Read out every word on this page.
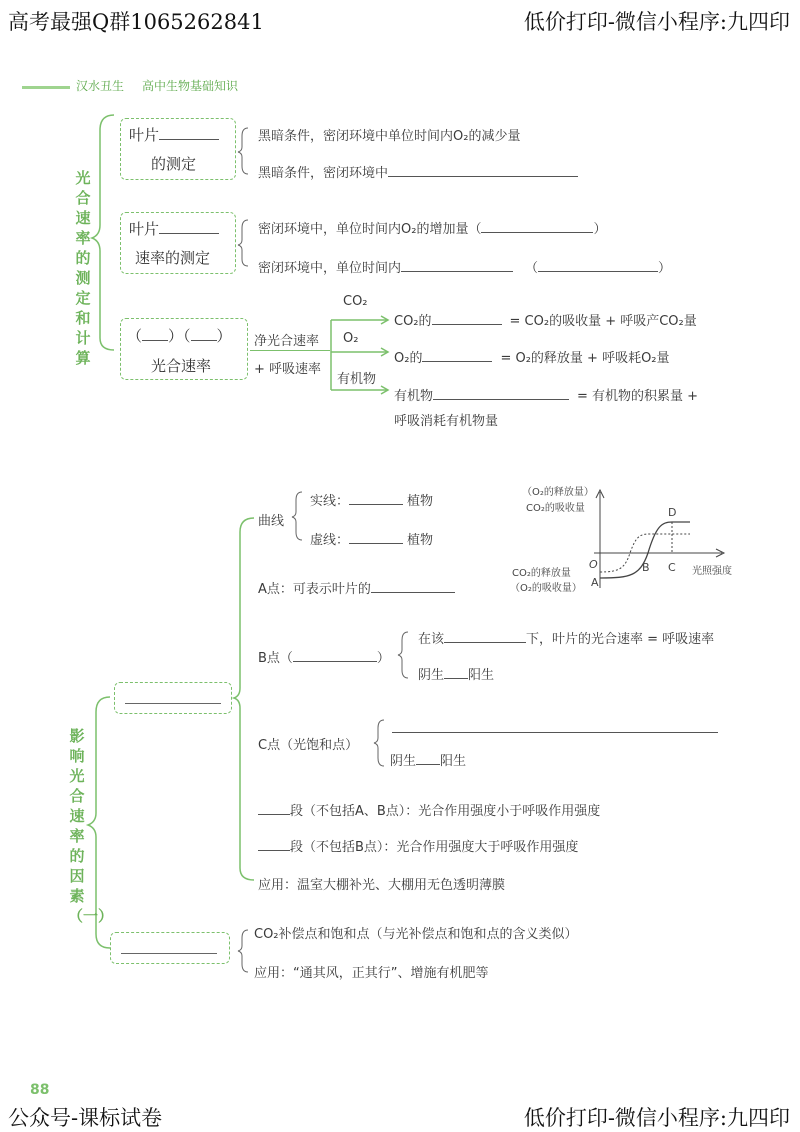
高考最强Q群1065262841	低价打印-微信小程序:九四印
公众号-课标试卷	低价打印-微信小程序:九四印
88
汉水丑生 高中生物基础知识
光合速率的测定和计算
叶片
的测定
黑暗条件，密闭环境中单位时间内O₂的减少量
黑暗条件，密闭环境中
叶片
速率的测定
密闭环境中，单位时间内O₂的增加量（	）
密闭环境中，单位时间内	（	）
（ ）（ ）
光合速率
净光合速率
+ 呼吸速率
CO₂
O₂
有机物
CO₂的	= CO₂的吸收量 + 呼吸产CO₂量
O₂的	= O₂的释放量 + 呼吸耗O₂量
有机物	= 有机物的积累量 +
呼吸消耗有机物量
影响光合速率的因素（一）
曲线
实线：	植物
虚线：	植物
A点：可表示叶片的
B点（	）
在该	下，叶片的光合速率 = 呼吸速率
阴生 阳生
C点（光饱和点）
阴生 阳生
段（不包括A、B点）：光合作用强度小于呼吸作用强度
段（不包括B点）：光合作用强度大于呼吸作用强度
应用：温室大棚补光、大棚用无色透明薄膜
CO₂补偿点和饱和点（与光补偿点和饱和点的含义类似）
应用：“通其风，正其行”、增施有机肥等
（O₂的释放量）
CO₂的吸收量
CO₂的释放量
（O₂的吸收量）
O
光照强度
A
B C
D
